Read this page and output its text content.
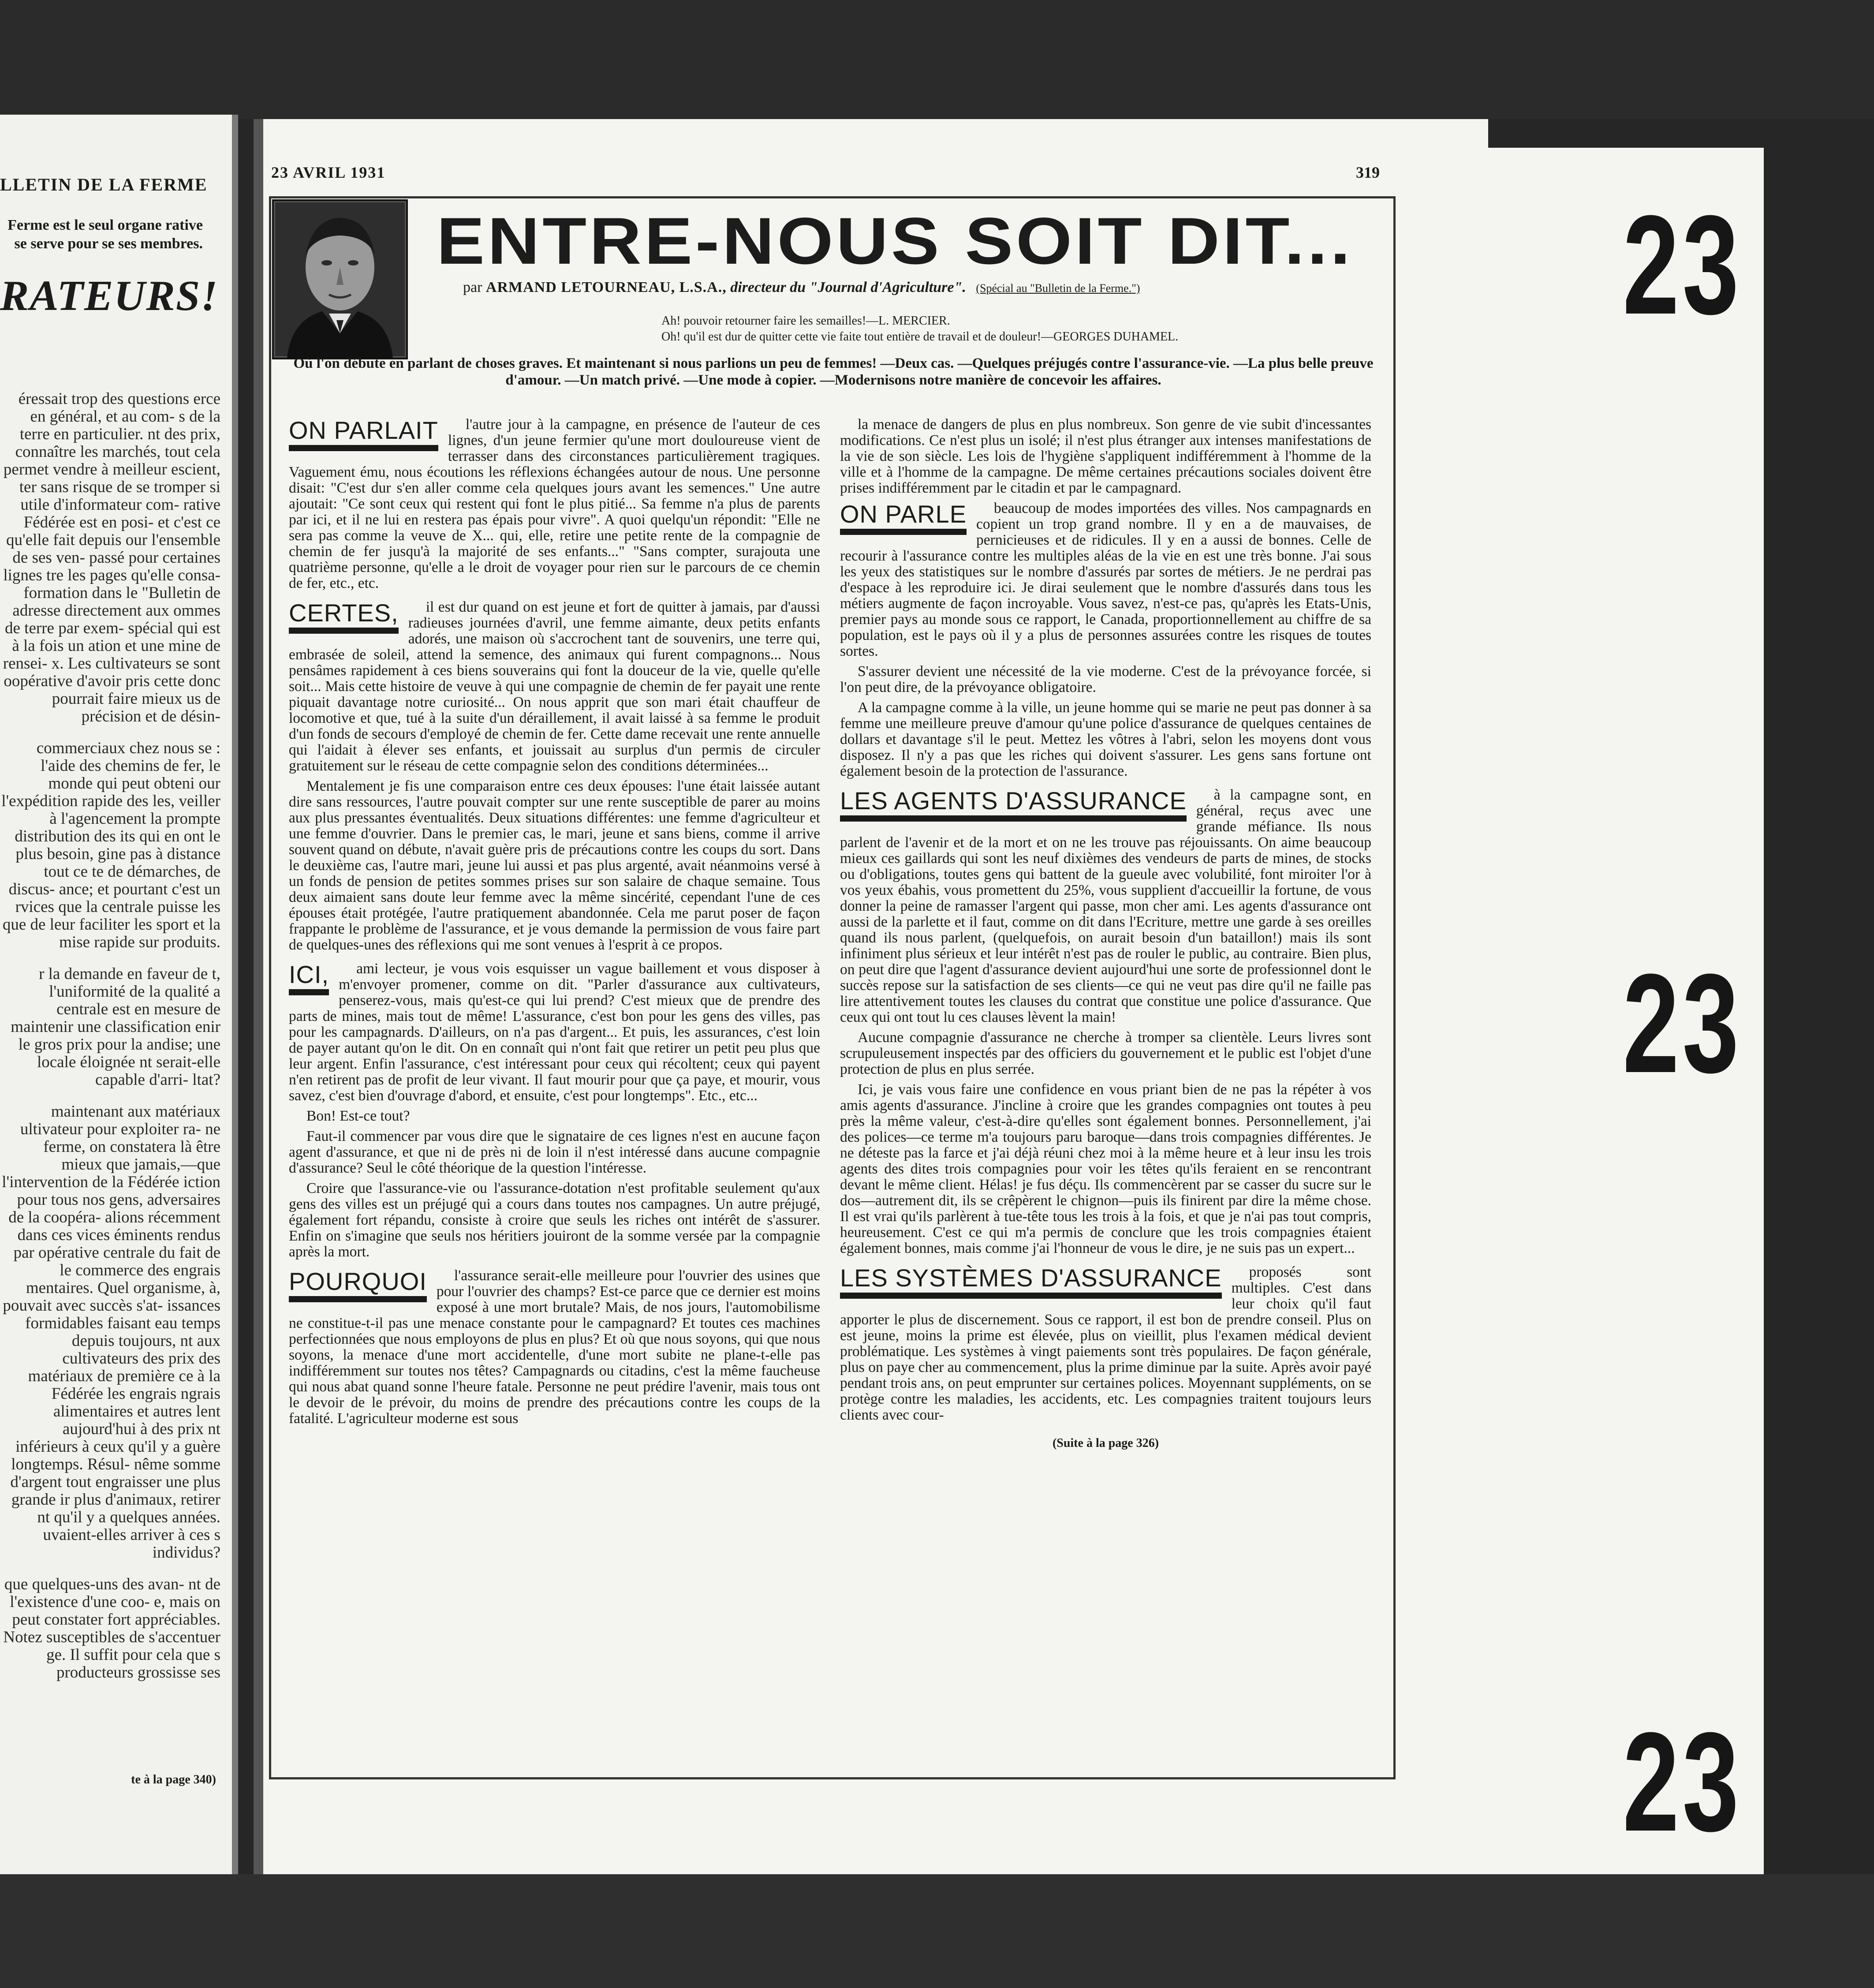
LLETIN DE LA FERME
Ferme est le seul organe rative se serve pour se ses membres.
RATEURS!

éressait trop des questions erce en général, et au com- s de la terre en particulier. nt des prix, connaître les marchés, tout cela permet vendre à meilleur escient, ter sans risque de se tromper si utile d'informateur com- rative Fédérée est en posi- et c'est ce qu'elle fait depuis our l'ensemble de ses ven- passé pour certaines lignes tre les pages qu'elle consa- formation dans le "Bulletin de adresse directement aux ommes de terre par exem- spécial qui est à la fois un ation et une mine de rensei- x. Les cultivateurs se sont oopérative d'avoir pris cette donc pourrait faire mieux us de précision et de désin-

commerciaux chez nous se : l'aide des chemins de fer, le monde qui peut obteni our l'expédition rapide des les, veiller à l'agencement la prompte distribution des its qui en ont le plus besoin, gine pas à distance tout ce te de démarches, de discus- ance; et pourtant c'est un rvices que la centrale puisse les que de leur faciliter les sport et la mise rapide sur produits.

r la demande en faveur de t, l'uniformité de la qualité a centrale est en mesure de maintenir une classification enir le gros prix pour la andise; une locale éloignée nt serait-elle capable d'arri- ltat?

maintenant aux matériaux ultivateur pour exploiter ra- ne ferme, on constatera là être mieux que jamais,—que l'intervention de la Fédérée iction pour tous nos gens, adversaires de la coopéra- alions récemment dans ces vices éminents rendus par opérative centrale du fait de le commerce des engrais mentaires. Quel organisme, à, pouvait avec succès s'at- issances formidables faisant eau temps depuis toujours, nt aux cultivateurs des prix des matériaux de première ce à la Fédérée les engrais ngrais alimentaires et autres lent aujourd'hui à des prix nt inférieurs à ceux qu'il y a guère longtemps. Résul- nême somme d'argent tout engraisser une plus grande ir plus d'animaux, retirer nt qu'il y a quelques années. uvaient-elles arriver à ces s individus?

que quelques-uns des avan- nt de l'existence d'une coo- e, mais on peut constater fort appréciables. Notez susceptibles de s'accentuer ge. Il suffit pour cela que s producteurs grossisse ses

te à la page 340)
23 AVRIL 1931	319
ENTRE-NOUS SOIT DIT...
par ARMAND LETOURNEAU, L.S.A., directeur du "Journal d'Agriculture". (Spécial au "Bulletin de la Ferme.")
Ah! pouvoir retourner faire les semailles!—L. MERCIER.
Oh! qu'il est dur de quitter cette vie faite tout entière de travail et de douleur!—GEORGES DUHAMEL.
Où l'on débute en parlant de choses graves. Et maintenant si nous parlions un peu de femmes! —Deux cas. —Quelques préjugés contre l'assurance-vie. —La plus belle preuve d'amour. —Un match privé. —Une mode à copier. —Modernisons notre manière de concevoir les affaires.
ON PARLAIT	l'autre jour à la campagne, en présence de l'auteur de ces lignes, d'un jeune fermier qu'une mort douloureuse vient de terrasser dans des circonstances particulièrement tragiques. Vaguement ému, nous écoutions les réflexions échangées autour de nous. Une personne disait: "C'est dur s'en aller comme cela quelques jours avant les semences." Une autre ajoutait: "Ce sont ceux qui restent qui font le plus pitié... Sa femme n'a plus de parents par ici, et il ne lui en restera pas épais pour vivre". A quoi quelqu'un répondit: "Elle ne sera pas comme la veuve de X... qui, elle, retire une petite rente de la compagnie de chemin de fer jusqu'à la majorité de ses enfants..." "Sans compter, surajouta une quatrième personne, qu'elle a le droit de voyager pour rien sur le parcours de ce chemin de fer, etc., etc.

CERTES,	il est dur quand on est jeune et fort de quitter à jamais, par d'aussi radieuses journées d'avril, une femme aimante, deux petits enfants adorés, une maison où s'accrochent tant de souvenirs, une terre qui, embrasée de soleil, attend la semence, des animaux qui furent compagnons... Nous pensâmes rapidement à ces biens souverains qui font la douceur de la vie, quelle qu'elle soit... Mais cette histoire de veuve à qui une compagnie de chemin de fer payait une rente piquait davantage notre curiosité... On nous apprit que son mari était chauffeur de locomotive et que, tué à la suite d'un déraillement, il avait laissé à sa femme le produit d'un fonds de secours d'employé de chemin de fer. Cette dame recevait une rente annuelle qui l'aidait à élever ses enfants, et jouissait au surplus d'un permis de circuler gratuitement sur le réseau de cette compagnie selon des conditions déterminées...

Mentalement je fis une comparaison entre ces deux épouses: l'une était laissée autant dire sans ressources, l'autre pouvait compter sur une rente susceptible de parer au moins aux plus pressantes éventualités. Deux situations différentes: une femme d'agriculteur et une femme d'ouvrier. Dans le premier cas, le mari, jeune et sans biens, comme il arrive souvent quand on débute, n'avait guère pris de précautions contre les coups du sort. Dans le deuxième cas, l'autre mari, jeune lui aussi et pas plus argenté, avait néanmoins versé à un fonds de pension de petites sommes prises sur son salaire de chaque semaine. Tous deux aimaient sans doute leur femme avec la même sincérité, cependant l'une de ces épouses était protégée, l'autre pratiquement abandonnée. Cela me parut poser de façon frappante le problème de l'assurance, et je vous demande la permission de vous faire part de quelques-unes des réflexions qui me sont venues à l'esprit à ce propos.

ICI,	ami lecteur, je vous vois esquisser un vague baillement et vous disposer à m'envoyer promener, comme on dit. "Parler d'assurance aux cultivateurs, penserez-vous, mais qu'est-ce qui lui prend? C'est mieux que de prendre des parts de mines, mais tout de même! L'assurance, c'est bon pour les gens des villes, pas pour les campagnards. D'ailleurs, on n'a pas d'argent... Et puis, les assurances, c'est loin de payer autant qu'on le dit. On en connaît qui n'ont fait que retirer un petit peu plus que leur argent. Enfin l'assurance, c'est intéressant pour ceux qui récoltent; ceux qui payent n'en retirent pas de profit de leur vivant. Il faut mourir pour que ça paye, et mourir, vous savez, c'est bien d'ouvrage d'abord, et ensuite, c'est pour longtemps". Etc., etc...

Bon! Est-ce tout?

Faut-il commencer par vous dire que le signataire de ces lignes n'est en aucune façon agent d'assurance, et que ni de près ni de loin il n'est intéressé dans aucune compagnie d'assurance? Seul le côté théorique de la question l'intéresse.

Croire que l'assurance-vie ou l'assurance-dotation n'est profitable seulement qu'aux gens des villes est un préjugé qui a cours dans toutes nos campagnes. Un autre préjugé, également fort répandu, consiste à croire que seuls les riches ont intérêt de s'assurer. Enfin on s'imagine que seuls nos héritiers jouiront de la somme versée par la compagnie après la mort.

POURQUOI	l'assurance serait-elle meilleure pour l'ouvrier des usines que pour l'ouvrier des champs? Est-ce parce que ce dernier est moins exposé à une mort brutale? Mais, de nos jours, l'automobilisme ne constitue-t-il pas une menace constante pour le campagnard? Et toutes ces machines perfectionnées que nous employons de plus en plus? Et où que nous soyons, qui que nous soyons, la menace d'une mort accidentelle, d'une mort subite ne plane-t-elle pas indifféremment sur toutes nos têtes? Campagnards ou citadins, c'est la même faucheuse qui nous abat quand sonne l'heure fatale. Personne ne peut prédire l'avenir, mais tous ont le devoir de le prévoir, du moins de prendre des précautions contre les coups de la fatalité. L'agriculteur moderne est sous

la menace de dangers de plus en plus nombreux. Son genre de vie subit d'incessantes modifications. Ce n'est plus un isolé; il n'est plus étranger aux intenses manifestations de la vie de son siècle. Les lois de l'hygiène s'appliquent indifféremment à l'homme de la ville et à l'homme de la campagne. De même certaines précautions sociales doivent être prises indifféremment par le citadin et par le campagnard.

ON PARLE	beaucoup de modes importées des villes. Nos campagnards en copient un trop grand nombre. Il y en a de mauvaises, de pernicieuses et de ridicules. Il y en a aussi de bonnes. Celle de recourir à l'assurance contre les multiples aléas de la vie en est une très bonne. J'ai sous les yeux des statistiques sur le nombre d'assurés par sortes de métiers. Je ne perdrai pas d'espace à les reproduire ici. Je dirai seulement que le nombre d'assurés dans tous les métiers augmente de façon incroyable. Vous savez, n'est-ce pas, qu'après les Etats-Unis, premier pays au monde sous ce rapport, le Canada, proportionnellement au chiffre de sa population, est le pays où il y a plus de personnes assurées contre les risques de toutes sortes.

S'assurer devient une nécessité de la vie moderne. C'est de la prévoyance forcée, si l'on peut dire, de la prévoyance obligatoire.

A la campagne comme à la ville, un jeune homme qui se marie ne peut pas donner à sa femme une meilleure preuve d'amour qu'une police d'assurance de quelques centaines de dollars et davantage s'il le peut. Mettez les vôtres à l'abri, selon les moyens dont vous disposez. Il n'y a pas que les riches qui doivent s'assurer. Les gens sans fortune ont également besoin de la protection de l'assurance.

LES AGENTS D'ASSURANCE	à la campagne sont, en général, reçus avec une grande méfiance. Ils nous parlent de l'avenir et de la mort et on ne les trouve pas réjouissants. On aime beaucoup mieux ces gaillards qui sont les neuf dixièmes des vendeurs de parts de mines, de stocks ou d'obligations, toutes gens qui battent de la gueule avec volubilité, font miroiter l'or à vos yeux ébahis, vous promettent du 25%, vous supplient d'accueillir la fortune, de vous donner la peine de ramasser l'argent qui passe, mon cher ami. Les agents d'assurance ont aussi de la parlette et il faut, comme on dit dans l'Ecriture, mettre une garde à ses oreilles quand ils nous parlent, (quelquefois, on aurait besoin d'un bataillon!) mais ils sont infiniment plus sérieux et leur intérêt n'est pas de rouler le public, au contraire. Bien plus, on peut dire que l'agent d'assurance devient aujourd'hui une sorte de professionnel dont le succès repose sur la satisfaction de ses clients—ce qui ne veut pas dire qu'il ne faille pas lire attentivement toutes les clauses du contrat que constitue une police d'assurance. Que ceux qui ont tout lu ces clauses lèvent la main!

Aucune compagnie d'assurance ne cherche à tromper sa clientèle. Leurs livres sont scrupuleusement inspectés par des officiers du gouvernement et le public est l'objet d'une protection de plus en plus serrée.

Ici, je vais vous faire une confidence en vous priant bien de ne pas la répéter à vos amis agents d'assurance. J'incline à croire que les grandes compagnies ont toutes à peu près la même valeur, c'est-à-dire qu'elles sont également bonnes. Personnellement, j'ai des polices—ce terme m'a toujours paru baroque—dans trois compagnies différentes. Je ne déteste pas la farce et j'ai déjà réuni chez moi à la même heure et à leur insu les trois agents des dites trois compagnies pour voir les têtes qu'ils feraient en se rencontrant devant le même client. Hélas! je fus déçu. Ils commencèrent par se casser du sucre sur le dos—autrement dit, ils se crêpèrent le chignon—puis ils finirent par dire la même chose. Il est vrai qu'ils parlèrent à tue-tête tous les trois à la fois, et que je n'ai pas tout compris, heureusement. C'est ce qui m'a permis de conclure que les trois compagnies étaient également bonnes, mais comme j'ai l'honneur de vous le dire, je ne suis pas un expert...

LES SYSTÈMES D'ASSURANCE	proposés sont multiples. C'est dans leur choix qu'il faut apporter le plus de discernement. Sous ce rapport, il est bon de prendre conseil. Plus on est jeune, moins la prime est élevée, plus on vieillit, plus l'examen médical devient problématique. Les systèmes à vingt paiements sont très populaires. De façon générale, plus on paye cher au commencement, plus la prime diminue par la suite. Après avoir payé pendant trois ans, on peut emprunter sur certaines polices. Moyennant suppléments, on se protège contre les maladies, les accidents, etc. Les compagnies traitent toujours leurs clients avec cour-

(Suite à la page 326)
23
23
23
